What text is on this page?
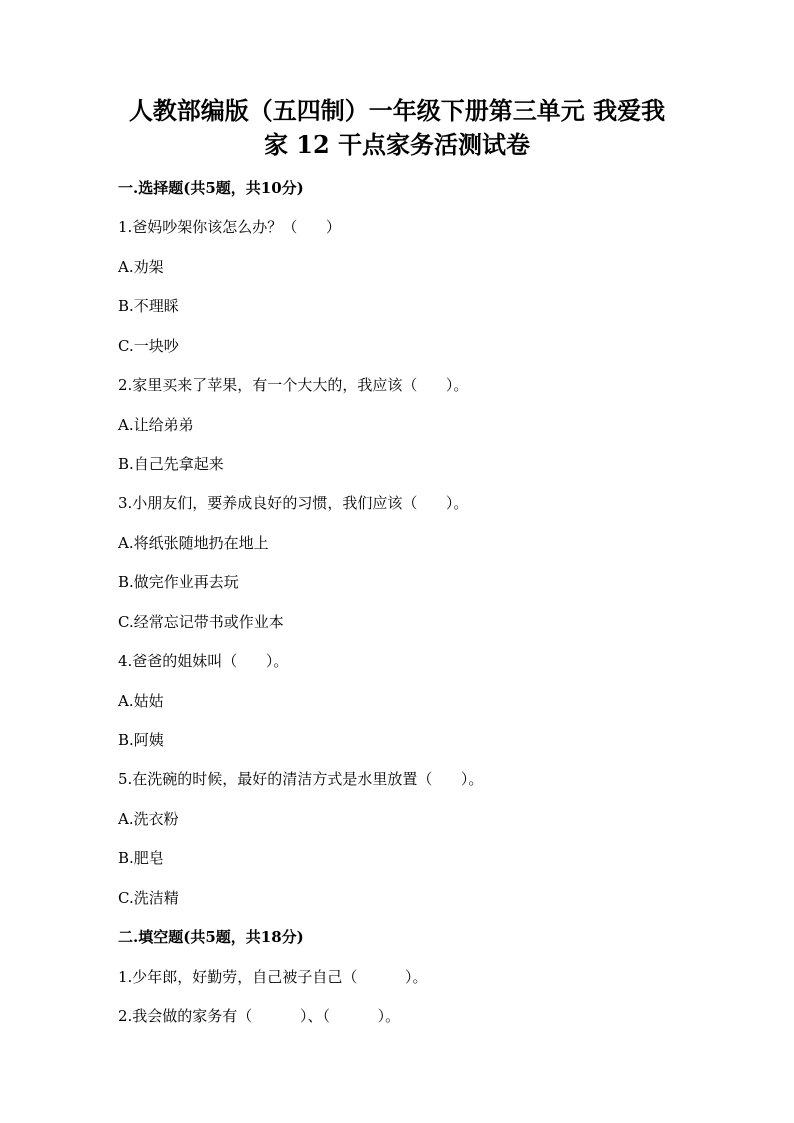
人教部编版（五四制）一年级下册第三单元 我爱我
家 12 干点家务活测试卷
一.选择题(共5题，共10分)
1.爸妈吵架你该怎么办？（      ）
A.劝架
B.不理睬
C.一块吵
2.家里买来了苹果，有一个大大的，我应该（      ）。
A.让给弟弟
B.自己先拿起来
3.小朋友们，要养成良好的习惯，我们应该（      ）。
A.将纸张随地扔在地上
B.做完作业再去玩
C.经常忘记带书或作业本
4.爸爸的姐妹叫（      ）。
A.姑姑
B.阿姨
5.在洗碗的时候，最好的清洁方式是水里放置（      ）。
A.洗衣粉
B.肥皂
C.洗洁精
二.填空题(共5题，共18分)
1.少年郎，好勤劳，自己被子自己（          ）。
2.我会做的家务有（          ）、（          ）。
